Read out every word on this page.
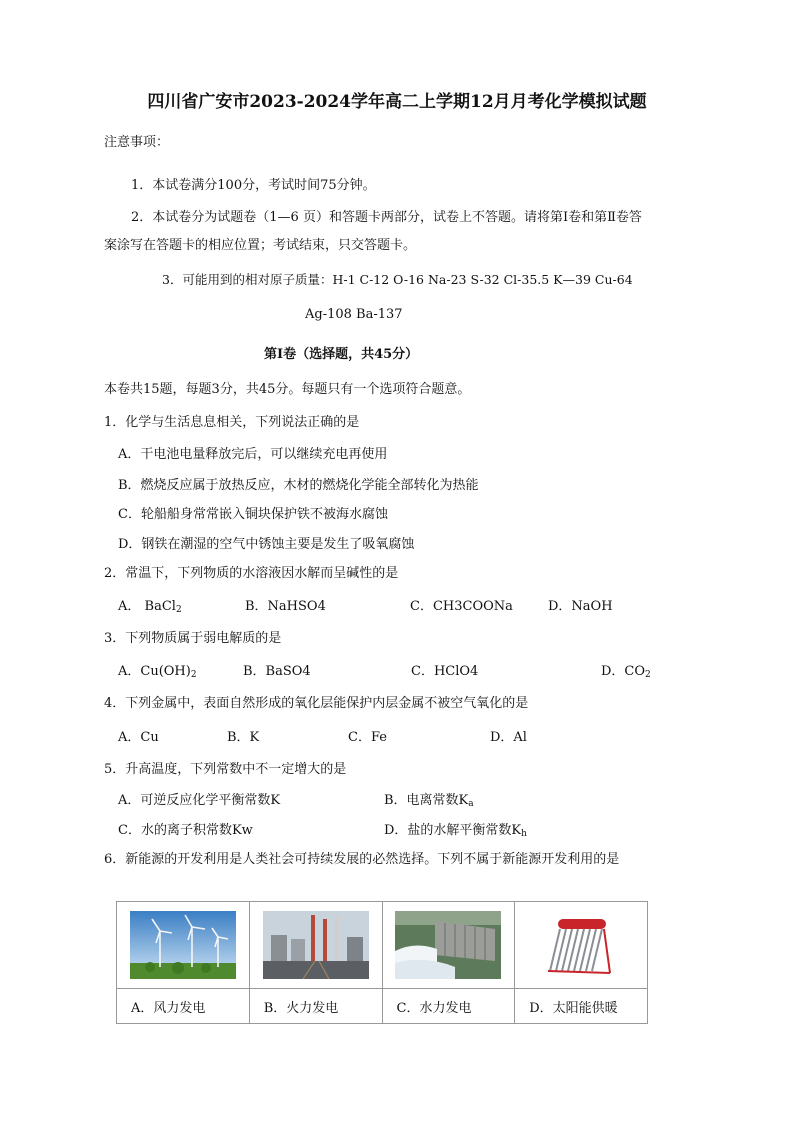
四川省广安市2023-2024学年高二上学期12月月考化学模拟试题
注意事项：
1．本试卷满分100分，考试时间75分钟。
2．本试卷分为试题卷（1—6 页）和答题卡两部分，试卷上不答题。请将第Ⅰ卷和第Ⅱ卷答
案涂写在答题卡的相应位置；考试结束，只交答题卡。
3．可能用到的相对原子质量：H-1 C-12 O-16 Na-23 S-32 Cl-35.5 K—39 Cu-64
Ag-108 Ba-137
第Ⅰ卷（选择题，共45分）
本卷共15题，每题3分，共45分。每题只有一个选项符合题意。
1．化学与生活息息相关，下列说法正确的是
A．干电池电量释放完后，可以继续充电再使用
B．燃烧反应属于放热反应，木材的燃烧化学能全部转化为热能
C．轮船船身常常嵌入铜块保护铁不被海水腐蚀
D．钢铁在潮湿的空气中锈蚀主要是发生了吸氧腐蚀
2．常温下，下列物质的水溶液因水解而呈碱性的是
A． BaCl$_2$	B．NaHSO4	C．CH3COONa	D．NaOH
3．下列物质属于弱电解质的是
A．$Cu(OH)_2$	B．BaSO4	C．HClO4	D．$CO_2$
4．下列金属中，表面自然形成的氧化层能保护内层金属不被空气氧化的是
A．Cu	B．K	C．Fe	D．Al
5．升高温度，下列常数中不一定增大的是
A．可逆反应化学平衡常数K	B．电离常数$K_a$
C．水的离子积常数Kw	D．盐的水解平衡常数$K_h$
6．新能源的开发利用是人类社会可持续发展的必然选择。下列不属于新能源开发利用的是

A．风力发电	B．火力发电	C．水力发电	D．太阳能供暖
